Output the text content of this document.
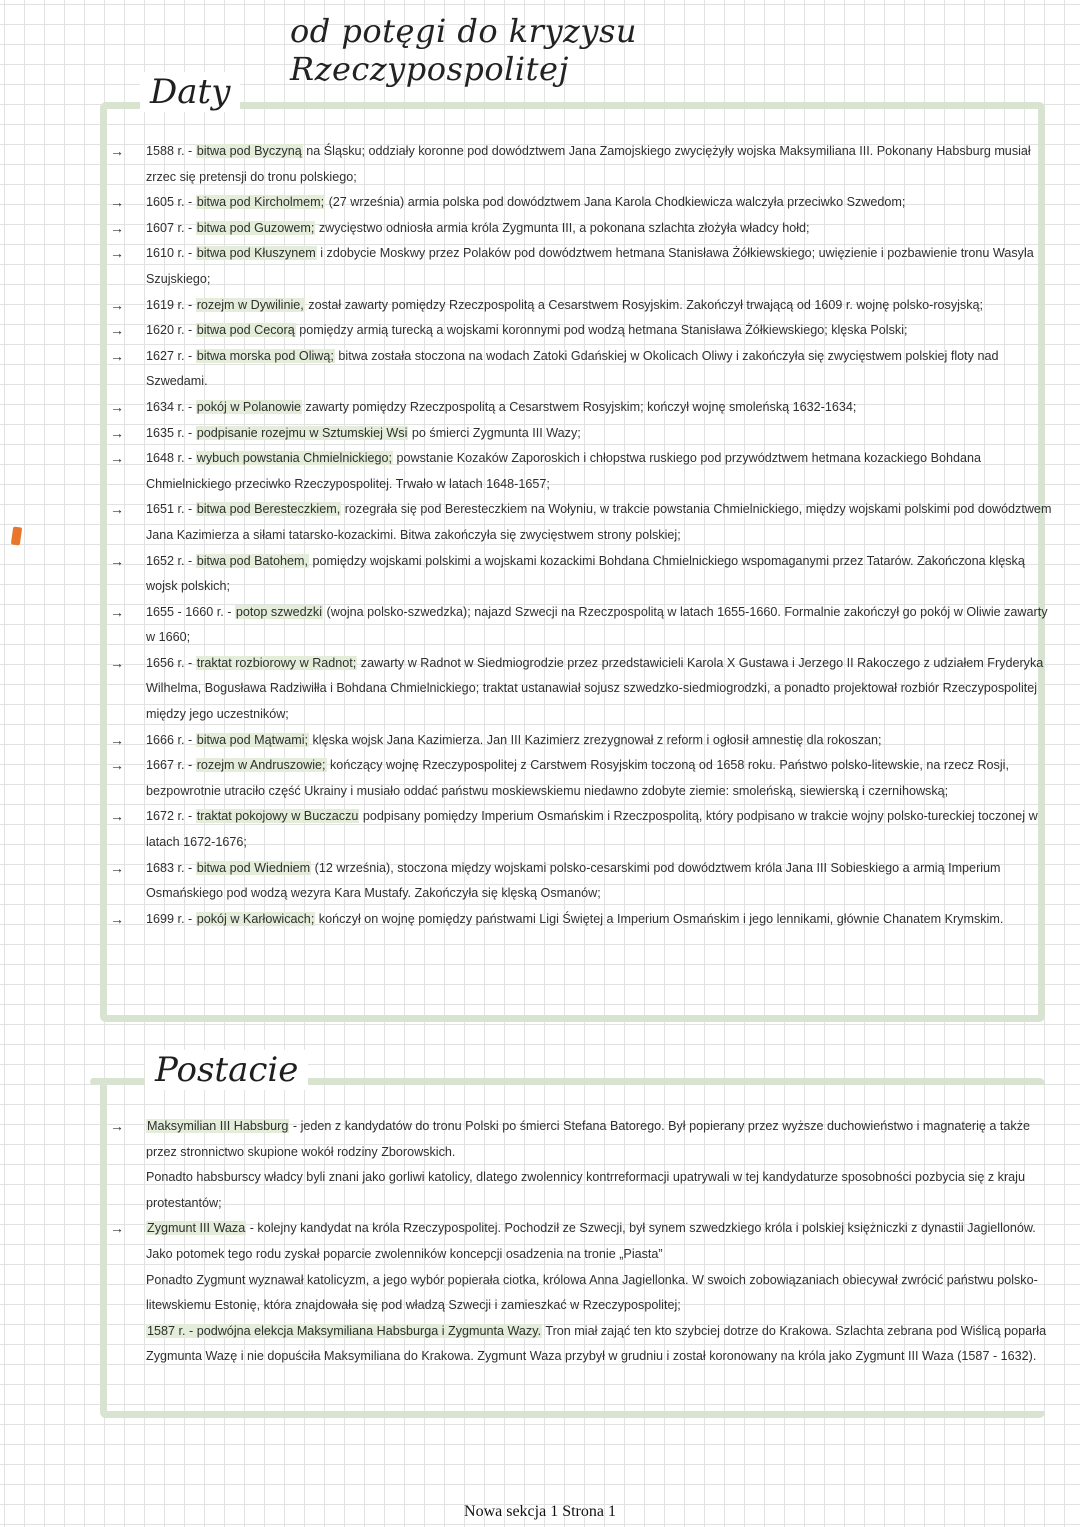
od potęgi do kryzysu Rzeczypospolitej
Daty
→	1588 r. - bitwa pod Byczyną na Śląsku; oddziały koronne pod dowództwem Jana Zamojskiego zwyciężyły wojska Maksymiliana III. Pokonany Habsburg musiał zrzec się pretensji do tronu polskiego;
→	1605 r. - bitwa pod Kircholmem; (27 września) armia polska pod dowództwem Jana Karola Chodkiewicza walczyła przeciwko Szwedom;
→	1607 r. - bitwa pod Guzowem; zwycięstwo odniosła armia króla Zygmunta III, a pokonana szlachta złożyła władcy hołd;
→	1610 r. - bitwa pod Kłuszynem i zdobycie Moskwy przez Polaków pod dowództwem hetmana Stanisława Żółkiewskiego; uwięzienie i pozbawienie tronu Wasyla Szujskiego;
→	1619 r. - rozejm w Dywilinie, został zawarty pomiędzy Rzeczpospolitą a Cesarstwem Rosyjskim. Zakończył trwającą od 1609 r. wojnę polsko-rosyjską;
→	1620 r. - bitwa pod Cecorą pomiędzy armią turecką a wojskami koronnymi pod wodzą hetmana Stanisława Żółkiewskiego; klęska Polski;
→	1627 r. - bitwa morska pod Oliwą; bitwa została stoczona na wodach Zatoki Gdańskiej w Okolicach Oliwy i zakończyła się zwycięstwem polskiej floty nad Szwedami.
→	1634 r. - pokój w Polanowie zawarty pomiędzy Rzeczpospolitą a Cesarstwem Rosyjskim; kończył wojnę smoleńską 1632-1634;
→	1635 r. - podpisanie rozejmu w Sztumskiej Wsi po śmierci Zygmunta III Wazy;
→	1648 r. - wybuch powstania Chmielnickiego; powstanie Kozaków Zaporoskich i chłopstwa ruskiego pod przywództwem hetmana kozackiego Bohdana Chmielnickiego przeciwko Rzeczypospolitej. Trwało w latach 1648-1657;
→	1651 r. - bitwa pod Beresteczkiem, rozegrała się pod Beresteczkiem na Wołyniu, w trakcie powstania Chmielnickiego, między wojskami polskimi pod dowództwem Jana Kazimierza a siłami tatarsko-kozackimi. Bitwa zakończyła się zwycięstwem strony polskiej;
→	1652 r. - bitwa pod Batohem, pomiędzy wojskami polskimi a wojskami kozackimi Bohdana Chmielnickiego wspomaganymi przez Tatarów. Zakończona klęską wojsk polskich;
→	1655 - 1660 r. - potop szwedzki (wojna polsko-szwedzka); najazd Szwecji na Rzeczpospolitą w latach 1655-1660. Formalnie zakończył go pokój w Oliwie zawarty w 1660;
→	1656 r. - traktat rozbiorowy w Radnot; zawarty w Radnot w Siedmiogrodzie przez przedstawicieli Karola X Gustawa i Jerzego II Rakoczego z udziałem Fryderyka Wilhelma, Bogusława Radziwiłła i Bohdana Chmielnickiego; traktat ustanawiał sojusz szwedzko-siedmiogrodzki, a ponadto projektował rozbiór Rzeczypospolitej między jego uczestników;
→	1666 r. - bitwa pod Mątwami; klęska wojsk Jana Kazimierza. Jan III Kazimierz zrezygnował z reform i ogłosił amnestię dla rokoszan;
→	1667 r. - rozejm w Andruszowie; kończący wojnę Rzeczypospolitej z Carstwem Rosyjskim toczoną od 1658 roku. Państwo polsko-litewskie, na rzecz Rosji, bezpowrotnie utraciło część Ukrainy i musiało oddać państwu moskiewskiemu niedawno zdobyte ziemie: smoleńską, siewierską i czernihowską;
→	1672 r. - traktat pokojowy w Buczaczu podpisany pomiędzy Imperium Osmańskim i Rzeczpospolitą, który podpisano w trakcie wojny polsko-tureckiej toczonej w latach 1672-1676;
→	1683 r. - bitwa pod Wiedniem (12 września), stoczona między wojskami polsko-cesarskimi pod dowództwem króla Jana III Sobieskiego a armią Imperium Osmańskiego pod wodzą wezyra Kara Mustafy. Zakończyła się klęską Osmanów;
→	1699 r. - pokój w Karłowicach; kończył on wojnę pomiędzy państwami Ligi Świętej a Imperium Osmańskim i jego lennikami, głównie Chanatem Krymskim.
Postacie
→	Maksymilian III Habsburg - jeden z kandydatów do tronu Polski po śmierci Stefana Batorego. Był popierany przez wyższe duchowieństwo i magnaterię a także przez stronnictwo skupione wokół rodziny Zborowskich.
Ponadto habsburscy władcy byli znani jako gorliwi katolicy, dlatego zwolennicy kontrreformacji upatrywali w tej kandydaturze sposobności pozbycia się z kraju protestantów;
→	Zygmunt III Waza - kolejny kandydat na króla Rzeczypospolitej. Pochodził ze Szwecji, był synem szwedzkiego króla i polskiej księżniczki z dynastii Jagiellonów. Jako potomek tego rodu zyskał poparcie zwolenników koncepcji osadzenia na tronie „Piasta”
Ponadto Zygmunt wyznawał katolicyzm, a jego wybór popierała ciotka, królowa Anna Jagiellonka. W swoich zobowiązaniach obiecywał zwrócić państwu polsko-litewskiemu Estonię, która znajdowała się pod władzą Szwecji i zamieszkać w Rzeczypospolitej;
1587 r. - podwójna elekcja Maksymiliana Habsburga i Zygmunta Wazy. Tron miał zająć ten kto szybciej dotrze do Krakowa. Szlachta zebrana pod Wiślicą poparła Zygmunta Wazę i nie dopuściła Maksymiliana do Krakowa. Zygmunt Waza przybył w grudniu i został koronowany na króla jako Zygmunt III Waza (1587 - 1632).
Nowa sekcja 1 Strona 1
